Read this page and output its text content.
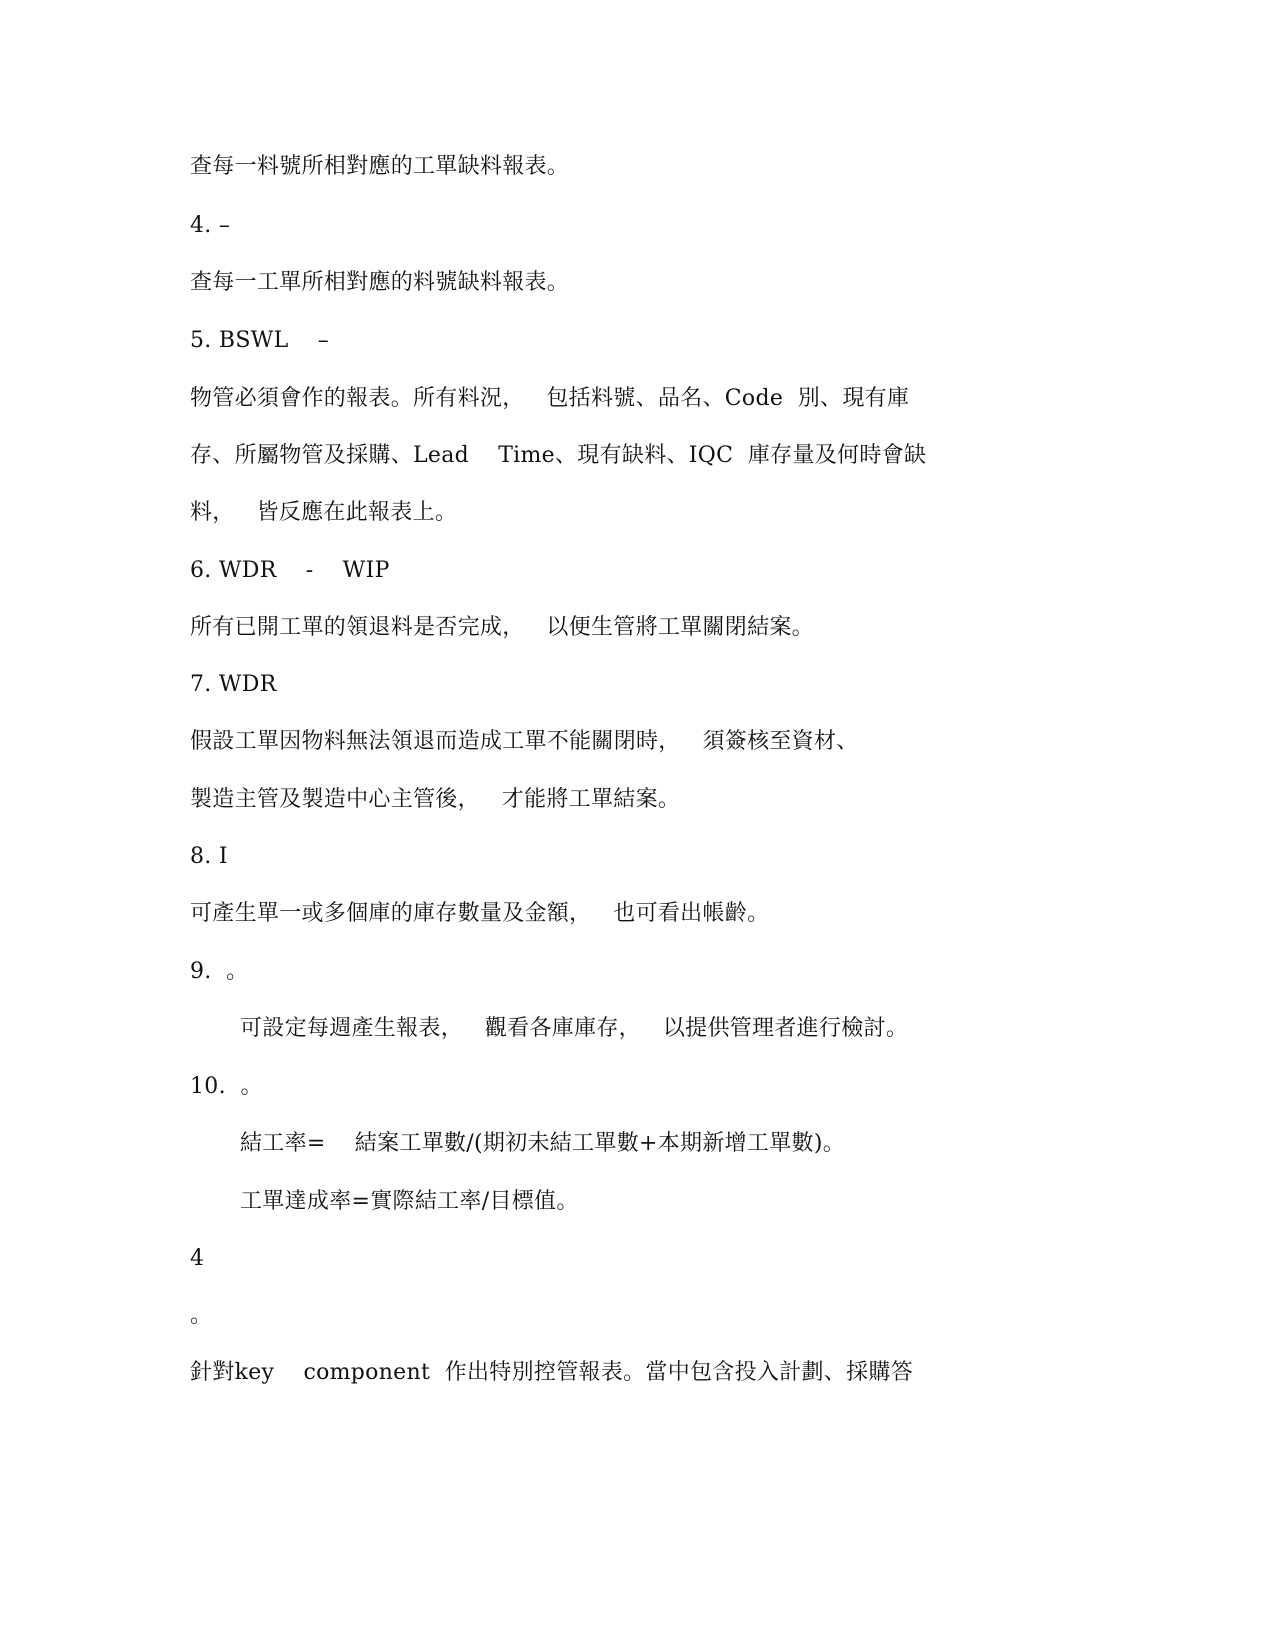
查每一料號所相對應的工單缺料報表。
4. –
查每一工單所相對應的料號缺料報表。
5. BSWL    –
物管必須會作的報表。所有料況，   包括料號、品名、Code  別、現有庫
存、所屬物管及採購、Lead    Time、現有缺料、IQC  庫存量及何時會缺
料，   皆反應在此報表上。
6. WDR    -    WIP
所有已開工單的領退料是否完成，   以便生管將工單關閉結案。
7. WDR
假設工單因物料無法領退而造成工單不能關閉時，   須簽核至資材、
製造主管及製造中心主管後，   才能將工單結案。
8. I
可產生單一或多個庫的庫存數量及金額，   也可看出帳齡。
9.  。
可設定每週產生報表，   觀看各庫庫存，   以提供管理者進行檢討。
10.  。
結工率=    結案工單數/(期初未結工單數+本期新增工單數)。
工單達成率=實際結工率/目標值。
4
。
針對key    component  作出特別控管報表。當中包含投入計劃、採購答
